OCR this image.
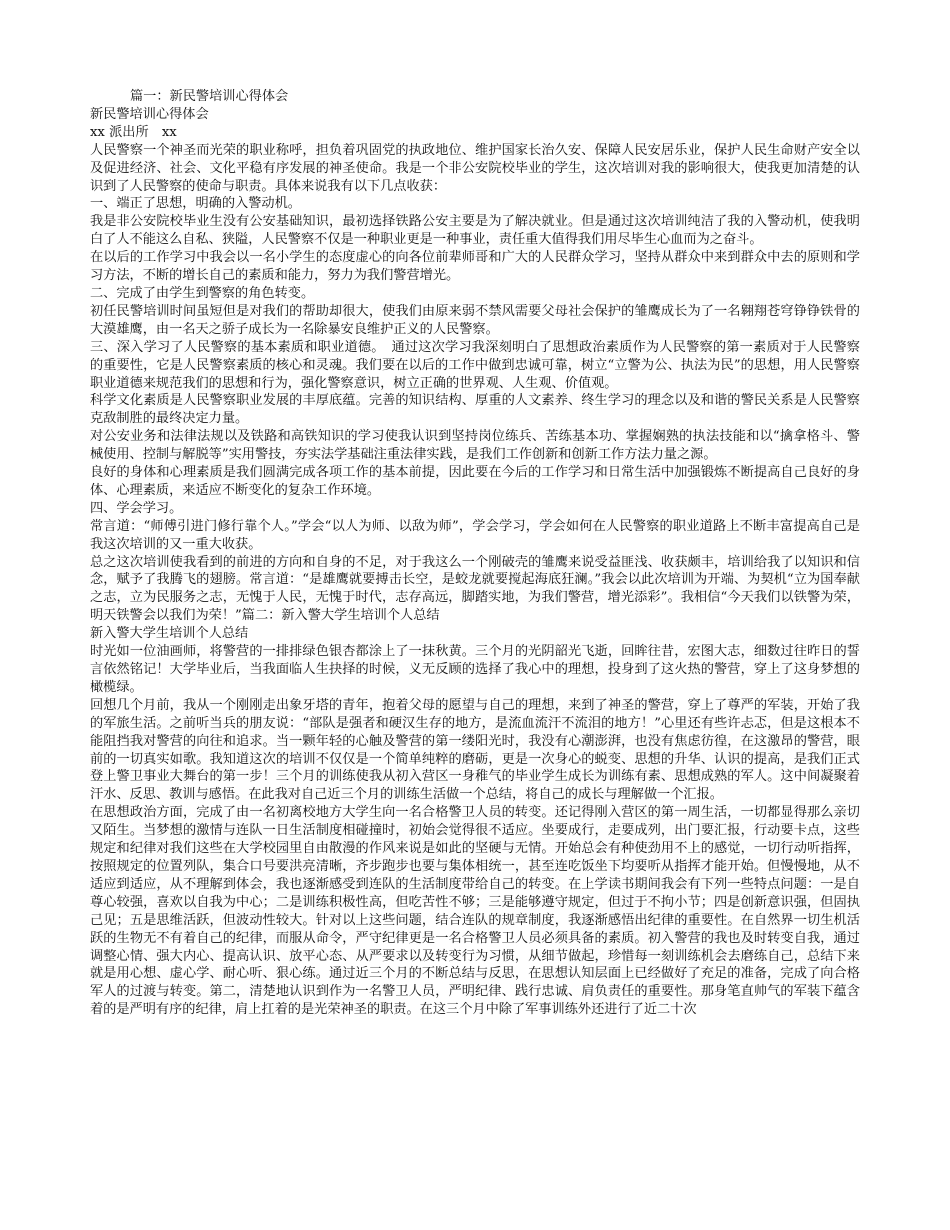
篇一：新民警培训心得体会

新民警培训心得体会

xx 派出所　xx

人民警察一个神圣而光荣的职业称呼，担负着巩固党的执政地位、维护国家长治久安、保障人民安居乐业，保护人民生命财产安全以及促进经济、社会、文化平稳有序发展的神圣使命。我是一个非公安院校毕业的学生，这次培训对我的影响很大，使我更加清楚的认识到了人民警察的使命与职责。具体来说我有以下几点收获：

一、端正了思想，明确的入警动机。

我是非公安院校毕业生没有公安基础知识，最初选择铁路公安主要是为了解决就业。但是通过这次培训纯洁了我的入警动机，使我明白了人不能这么自私、狭隘，人民警察不仅是一种职业更是一种事业，责任重大值得我们用尽毕生心血而为之奋斗。

在以后的工作学习中我会以一名小学生的态度虚心的向各位前辈师哥和广大的人民群众学习，坚持从群众中来到群众中去的原则和学习方法，不断的增长自己的素质和能力，努力为我们警营增光。

二、完成了由学生到警察的角色转变。

初任民警培训时间虽短但是对我们的帮助却很大，使我们由原来弱不禁风需要父母社会保护的雏鹰成长为了一名翱翔苍穹铮铮铁骨的大漠雄鹰，由一名天之骄子成长为一名除暴安良维护正义的人民警察。

三、深入学习了人民警察的基本素质和职业道德。　通过这次学习我深刻明白了思想政治素质作为人民警察的第一素质对于人民警察的重要性，它是人民警察素质的核心和灵魂。我们要在以后的工作中做到忠诚可靠，树立“立警为公、执法为民”的思想，用人民警察职业道德来规范我们的思想和行为，强化警察意识，树立正确的世界观、人生观、价值观。

科学文化素质是人民警察职业发展的丰厚底蕴。完善的知识结构、厚重的人文素养、终生学习的理念以及和谐的警民关系是人民警察克敌制胜的最终决定力量。

对公安业务和法律法规以及铁路和高铁知识的学习使我认识到坚持岗位练兵、苦练基本功、掌握娴熟的执法技能和以“擒拿格斗、警械使用、控制与解脱等”实用警技，夯实法学基础注重法律实践，是我们工作创新和创新工作方法力量之源。

良好的身体和心理素质是我们圆满完成各项工作的基本前提，因此要在今后的工作学习和日常生活中加强锻炼不断提高自己良好的身体、心理素质，来适应不断变化的复杂工作环境。

四、学会学习。

常言道：“师傅引进门修行靠个人。”学会“以人为师、以敌为师”，学会学习，学会如何在人民警察的职业道路上不断丰富提高自己是我这次培训的又一重大收获。

总之这次培训使我看到的前进的方向和自身的不足，对于我这么一个刚破壳的雏鹰来说受益匪浅、收获颇丰，培训给我了以知识和信念，赋予了我腾飞的翅膀。常言道：“是雄鹰就要搏击长空，是蛟龙就要搅起海底狂澜。”我会以此次培训为开端、为契机“立为国奉献之志，立为民服务之志，无愧于人民，无愧于时代，志存高远，脚踏实地，为我们警营，增光添彩”。我相信“今天我们以铁警为荣，明天铁警会以我们为荣！”篇二：新入警大学生培训个人总结

新入警大学生培训个人总结

时光如一位油画师，将警营的一排排绿色银杏都涂上了一抹秋黄。三个月的光阴韶光飞逝，回眸往昔，宏图大志，细数过往昨日的誓言依然铭记！大学毕业后，当我面临人生抉择的时候，义无反顾的选择了我心中的理想，投身到了这火热的警营，穿上了这身梦想的橄榄绿。

回想几个月前，我从一个刚刚走出象牙塔的青年，抱着父母的愿望与自己的理想，来到了神圣的警营，穿上了尊严的军装，开始了我的军旅生活。之前听当兵的朋友说：“部队是强者和硬汉生存的地方，是流血流汗不流泪的地方！”心里还有些许忐忑，但是这根本不能阻挡我对警营的向往和追求。当一颗年轻的心触及警营的第一缕阳光时，我没有心潮澎湃，也没有焦虑彷徨，在这激昂的警营，眼前的一切真实如歌。我知道这次的培训不仅仅是一个简单纯粹的磨砺，更是一次身心的蜕变、思想的升华、认识的提高，是我们正式登上警卫事业大舞台的第一步！三个月的训练使我从初入营区一身稚气的毕业学生成长为训练有素、思想成熟的军人。这中间凝聚着汗水、反思、教训与感悟。在此我对自己近三个月的训练生活做一个总结，将自己的成长与理解做一个汇报。

在思想政治方面，完成了由一名初离校地方大学生向一名合格警卫人员的转变。还记得刚入营区的第一周生活，一切都显得那么亲切又陌生。当梦想的激情与连队一日生活制度相碰撞时，初始会觉得很不适应。坐要成行，走要成列，出门要汇报，行动要卡点，这些规定和纪律对我们这些在大学校园里自由散漫的作风来说是如此的坚硬与无情。开始总会有种使劲用不上的感觉，一切行动听指挥，按照规定的位置列队，集合口号要洪亮清晰，齐步跑步也要与集体相统一，甚至连吃饭坐下均要听从指挥才能开始。但慢慢地，从不适应到适应，从不理解到体会，我也逐渐感受到连队的生活制度带给自己的转变。在上学读书期间我会有下列一些特点问题：一是自尊心较强，喜欢以自我为中心；二是训练积极性高，但吃苦性不够；三是能够遵守规定，但过于不拘小节；四是创新意识强，但固执己见；五是思维活跃，但波动性较大。针对以上这些问题，结合连队的规章制度，我逐渐感悟出纪律的重要性。在自然界一切生机活跃的生物无不有着自己的纪律，而服从命令，严守纪律更是一名合格警卫人员必须具备的素质。初入警营的我也及时转变自我，通过调整心情、强大内心、提高认识、放平心态、从严要求以及转变行为习惯，从细节做起，珍惜每一刻训练机会去磨练自己，总结下来就是用心想、虚心学、耐心听、狠心练。通过近三个月的不断总结与反思，在思想认知层面上已经做好了充足的准备，完成了向合格军人的过渡与转变。第二，清楚地认识到作为一名警卫人员，严明纪律、践行忠诚、肩负责任的重要性。那身笔直帅气的军装下蕴含着的是严明有序的纪律，肩上扛着的是光荣神圣的职责。在这三个月中除了军事训练外还进行了近二十次
